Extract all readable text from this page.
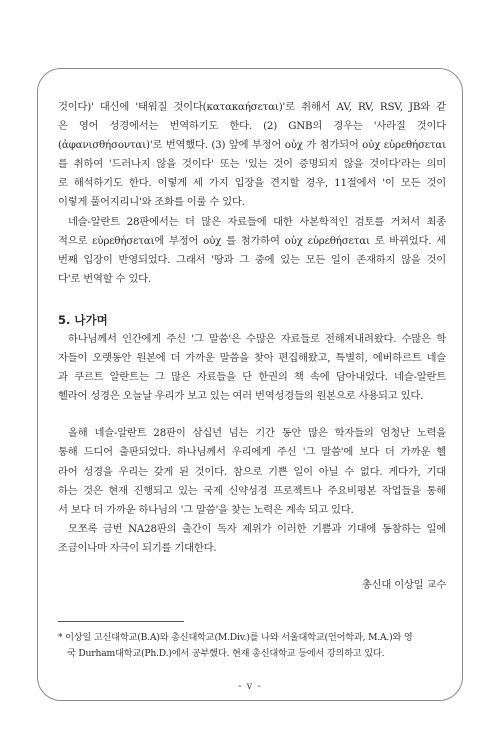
것이다)' 대신에 '태워질 것이다(κατακαήσεται)'로 취해서 AV, RV, RSV, JB와 같
은 영어 성경에서는 번역하기도 한다. (2) GNB의 경우는 '사라질 것이다
(ἀφανισθήσονται)'로 번역했다. (3) 앞에 부정어 οὐχ 가 첨가되어 οὐχ εὑρεθήσεται
를 취하여 '드러나지 않을 것이다' 또는 '있는 것이 증명되지 않을 것이다'라는 의미
로 해석하기도 한다. 이렇게 세 가지 입장을 견지할 경우, 11절에서 '이 모든 것이
이렇게 풀어지리니'와 조화를 이룰 수 있다.
네슬-알란트 28판에서는 더 많은 자료들에 대한 사본학적인 검토를 거쳐서 최종
적으로 εὑρεθήσεται에 부정어 οὐχ 를 첨가하여 οὐχ εὑρεθήσεται 로 바뀌었다. 세
번째 입장이 반영되었다. 그래서 '땅과 그 중에 있는 모든 일이 존재하지 않을 것이
다'로 번역할 수 있다.
5. 나가며
하나님께서 인간에게 주신 '그 말씀'은 수많은 자료들로 전해져내려왔다. 수많은 학
자들이 오랫동안 원본에 더 가까운 말씀을 찾아 편집해왔고, 특별히, 에버하르트 네슬
과 쿠르트 알란트는 그 많은 자료들을 단 한권의 책 속에 담아내었다. 네슬-알란트
헬라어 성경은 오늘날 우리가 보고 있는 여러 번역성경들의 원본으로 사용되고 있다.
올해 네슬-알란트 28판이 삼십년 넘는 기간 동안 많은 학자들의 엄청난 노력을
통해 드디어 출판되었다. 하나님께서 우리에게 주신 '그 말씀'에 보다 더 가까운 헬
라어 성경을 우리는 갖게 된 것이다. 참으로 기쁜 일이 아닐 수 없다. 게다가, 기대
하는 것은 현재 진행되고 있는 국제 신약성경 프로젝트나 주요비평본 작업들을 통해
서 보다 더 가까운 하나님의 '그 말씀'을 찾는 노력은 계속 되고 있다.
모쪼록 금번 NA28판의 출간이 독자 제위가 이러한 기쁨과 기대에 동참하는 일에
조금이나마 자극이 되기를 기대한다.
총신대 이상일 교수
* 이상일 고신대학교(B.A)와 총신대학교(M.Div.)를 나와 서울대학교(언어학과, M.A.)와 영
국 Durham대학교(Ph.D.)에서 공부했다. 현재 총신대학교 등에서 강의하고 있다.
- v -
